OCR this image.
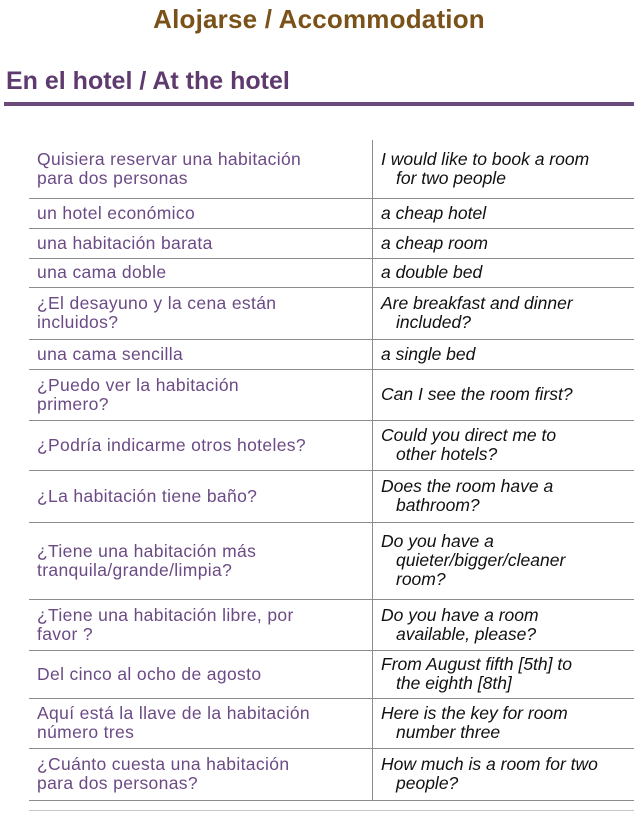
Alojarse / Accommodation
En el hotel / At the hotel
Quisiera reservar una habitación
para dos personas	I would like to book a room
for two people

un hotel económico	a cheap hotel

una habitación barata	a cheap room

una cama doble	a double bed

¿El desayuno y la cena están
incluidos?	Are breakfast and dinner
included?

una cama sencilla	a single bed

¿Puedo ver la habitación
primero?	Can I see the room first?

¿Podría indicarme otros hoteles?	Could you direct me to
other hotels?

¿La habitación tiene baño?	Does the room have a
bathroom?

¿Tiene una habitación más
tranquila/grande/limpia?	Do you have a
quieter/bigger/cleaner
room?

¿Tiene una habitación libre, por
favor ?	Do you have a room
available, please?

Del cinco al ocho de agosto	From August fifth [5th] to
the eighth [8th]

Aquí está la llave de la habitación
número tres	Here is the key for room
number three

¿Cuánto cuesta una habitación
para dos personas?	How much is a room for two
people?
